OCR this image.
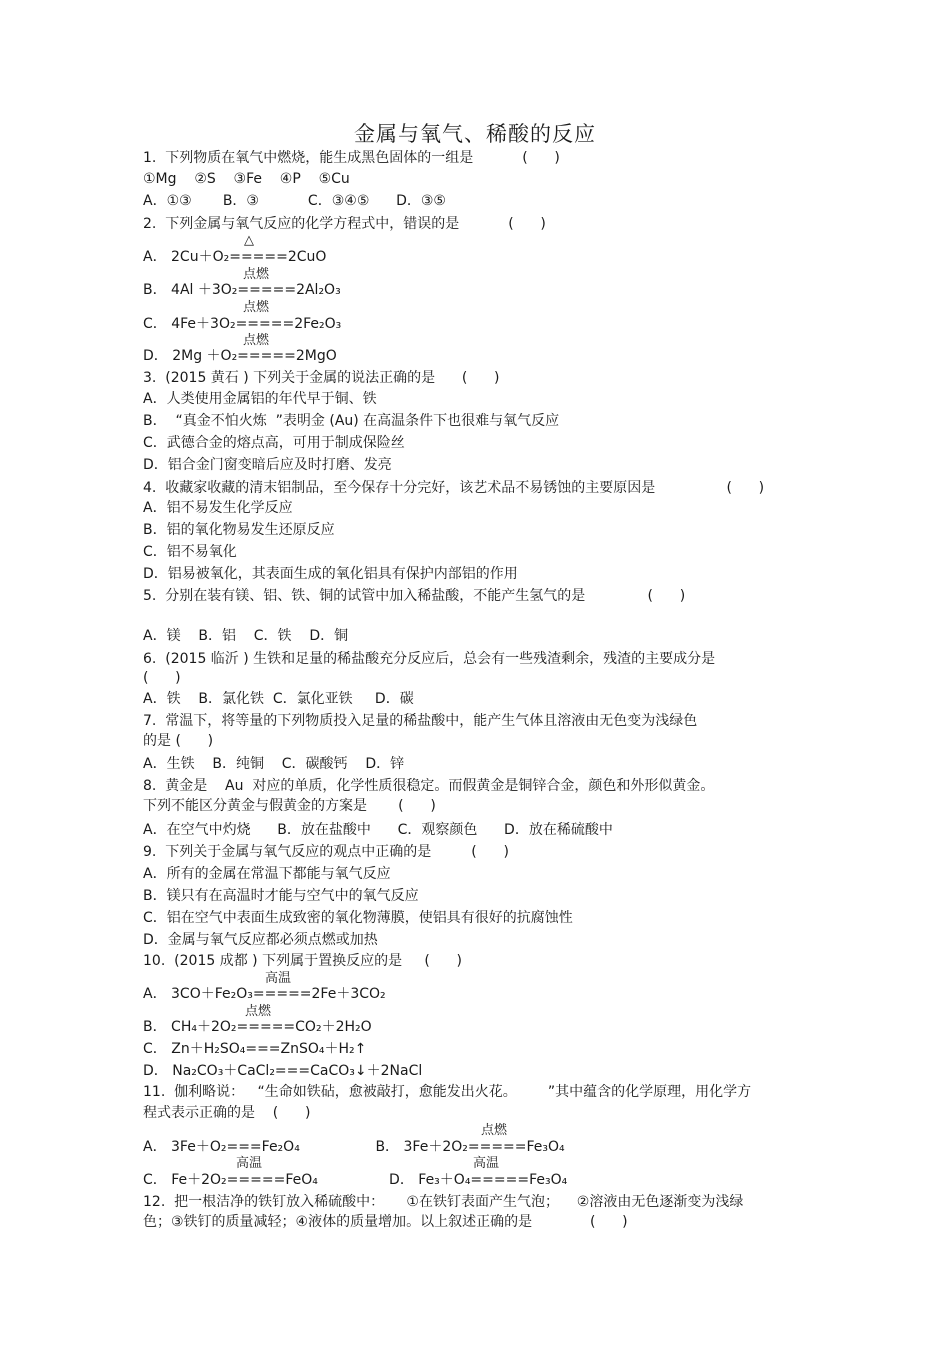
金属与氧气、稀酸的反应
1.  下列物质在氧气中燃烧，能生成黑色固体的一组是           (      )
①Mg    ②S    ③Fe    ④P    ⑤Cu
A．①③       B．③           C．③④⑤      D．③⑤
2.  下列金属与氧气反应的化学方程式中，错误的是           (      )
A． 2Cu＋O₂=====2CuO
B． 4Al ＋3O₂=====2Al₂O₃
C． 4Fe＋3O₂=====2Fe₂O₃
D． 2Mg ＋O₂=====2MgO
3.  (2015 黄石 ) 下列关于金属的说法正确的是      (      )
A．人类使用金属铝的年代早于铜、铁
B．  “真金不怕火炼  ”表明金 (Au) 在高温条件下也很难与氧气反应
C．武德合金的熔点高，可用于制成保险丝
D．铝合金门窗变暗后应及时打磨、发亮
4.  收藏家收藏的清末铝制品，至今保存十分完好，该艺术品不易锈蚀的主要原因是                (      )
A．铝不易发生化学反应
B．铝的氧化物易发生还原反应
C．铝不易氧化
D．铝易被氧化，其表面生成的氧化铝具有保护内部铝的作用
5.  分别在装有镁、铝、铁、铜的试管中加入稀盐酸，不能产生氢气的是              (      )
A．镁    B．铝    C．铁    D．铜
6.  (2015 临沂 ) 生铁和足量的稀盐酸充分反应后，总会有一些残渣剩余，残渣的主要成分是
(      )
A．铁    B．氯化铁  C．氯化亚铁     D．碳
7.  常温下，将等量的下列物质投入足量的稀盐酸中，能产生气体且溶液由无色变为浅绿色
的是 (      )
A．生铁    B．纯铜    C．碳酸钙    D．锌
8.  黄金是    Au  对应的单质，化学性质很稳定。而假黄金是铜锌合金，颜色和外形似黄金。
下列不能区分黄金与假黄金的方案是       (      )
A．在空气中灼烧      B．放在盐酸中      C．观察颜色      D．放在稀硫酸中
9.  下列关于金属与氧气反应的观点中正确的是         (      )
A．所有的金属在常温下都能与氧气反应
B．镁只有在高温时才能与空气中的氧气反应
C．铝在空气中表面生成致密的氧化物薄膜，使铝具有很好的抗腐蚀性
D．金属与氧气反应都必须点燃或加热
10.  (2015 成都 ) 下列属于置换反应的是     (      )
A． 3CO＋Fe₂O₃=====2Fe＋3CO₂
B． CH₄＋2O₂=====CO₂＋2H₂O
C． Zn＋H₂SO₄===ZnSO₄＋H₂↑
D． Na₂CO₃＋CaCl₂===CaCO₃↓＋2NaCl
11.  伽利略说：   “生命如铁砧，愈被敲打，愈能发出火花。       ”其中蕴含的化学原理，用化学方
程式表示正确的是    (      )
A． 3Fe＋O₂===Fe₂O₄                 B． 3Fe＋2O₂=====Fe₃O₄
C． Fe＋2O₂=====FeO₄                D． Fe₃＋O₄=====Fe₃O₄
12.  把一根洁净的铁钉放入稀硫酸中：     ①在铁钉表面产生气泡；    ②溶液由无色逐渐变为浅绿
色；③铁钉的质量减轻；④液体的质量增加。以上叙述正确的是             (      )
△
点燃
点燃
点燃
高温
点燃
点燃
高温	高温
